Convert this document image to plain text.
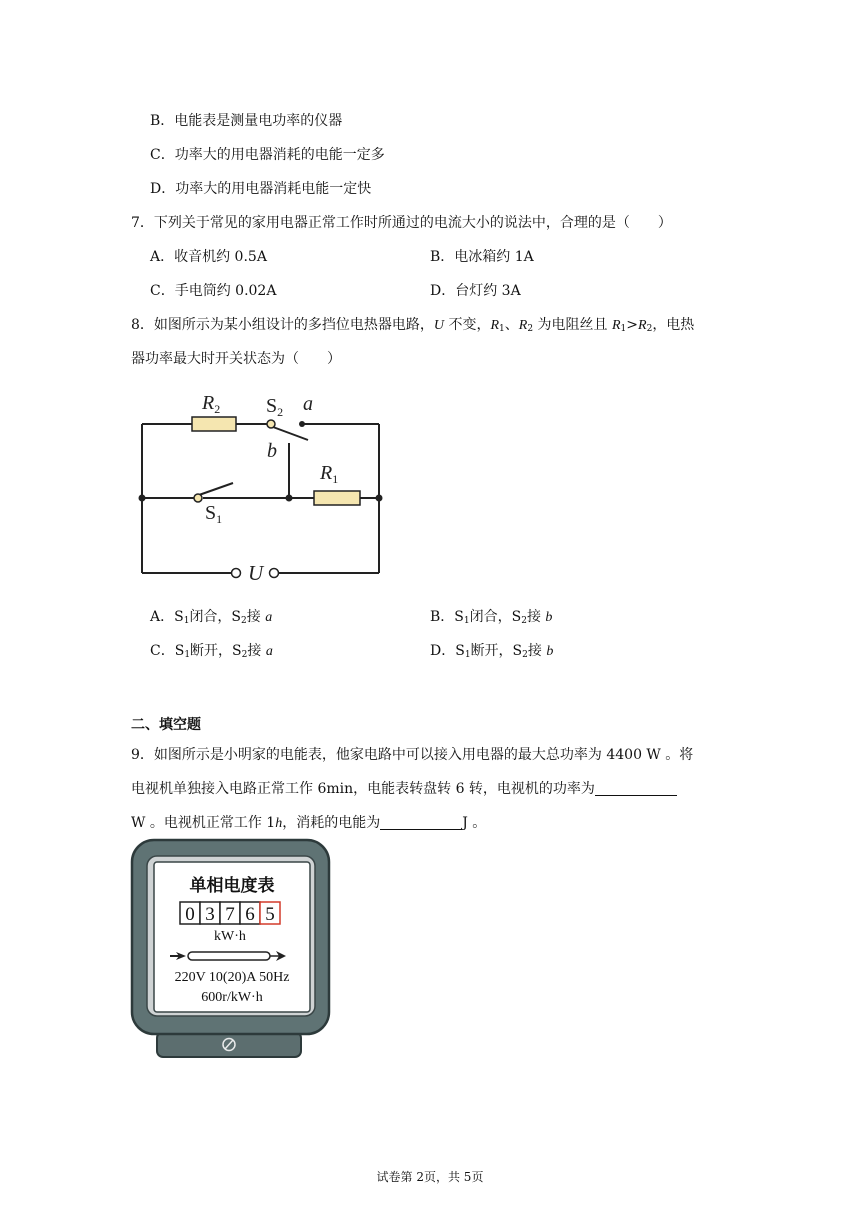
B．电能表是测量电功率的仪器
C．功率大的用电器消耗的电能一定多
D．功率大的用电器消耗电能一定快
7．下列关于常见的家用电器正常工作时所通过的电流大小的说法中，合理的是（　　）
A．收音机约 0.5A	B．电冰箱约 1A
C．手电筒约 0.02A	D．台灯约 3A
8．如图所示为某小组设计的多挡位电热器电路，U 不变，$R_1$、$R_2$ 为电阻丝且 $R_1>R_2$，电热
器功率最大时开关状态为（　　）
$R_2$ $S_2$ a
b
$R_1$
$S_1$
U
A．$S_1$闭合，$S_2$接 a	B．$S_1$闭合，$S_2$接 b
C．$S_1$断开，$S_2$接 a	D．$S_1$断开，$S_2$接 b
二、填空题
9．如图所示是小明家的电能表，他家电路中可以接入用电器的最大总功率为 4400 W 。将
电视机单独接入电路正常工作 6min，电能表转盘转 6 转，电视机的功率为
W 。电视机正常工作 1h，消耗的电能为	J 。
单相电度表
0 3 7 6 5
kW·h
220V 10(20)A 50Hz
600r/kW·h
试卷第 2页，共 5页
